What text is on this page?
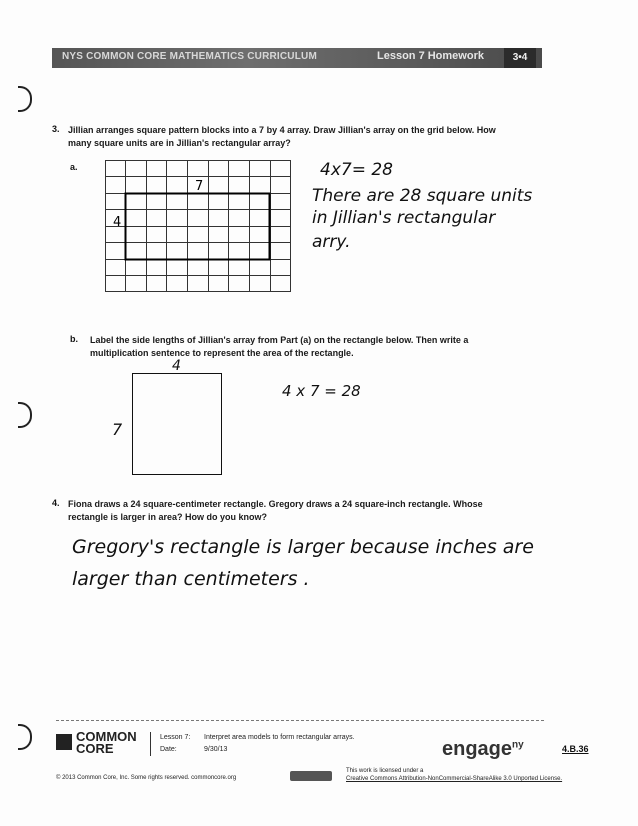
NYS COMMON CORE MATHEMATICS CURRICULUM	Lesson 7 Homework	3•4
3. Jillian arranges square pattern blocks into a 7 by 4 array. Draw Jillian's array on the grid below. How
many square units are in Jillian's rectangular array?
a.
7
4
4x7= 28
There are 28 square units
in Jillian's rectangular
arry.
b. Label the side lengths of Jillian's array from Part (a) on the rectangle below. Then write a
multiplication sentence to represent the area of the rectangle.
4
7
4 x 7 = 28
4. Fiona draws a 24 square-centimeter rectangle. Gregory draws a 24 square-inch rectangle. Whose
rectangle is larger in area? How do you know?
Gregory's rectangle is larger because inches are
larger than centimeters .
COMMON
CORE
Lesson 7: Interpret area models to form rectangular arrays.
Date:	9/30/13	engage$^{ny}$	4.B.36
© 2013 Common Core, Inc. Some rights reserved. commoncore.org
This work is licensed under a
Creative Commons Attribution-NonCommercial-ShareAlike 3.0 Unported License.
